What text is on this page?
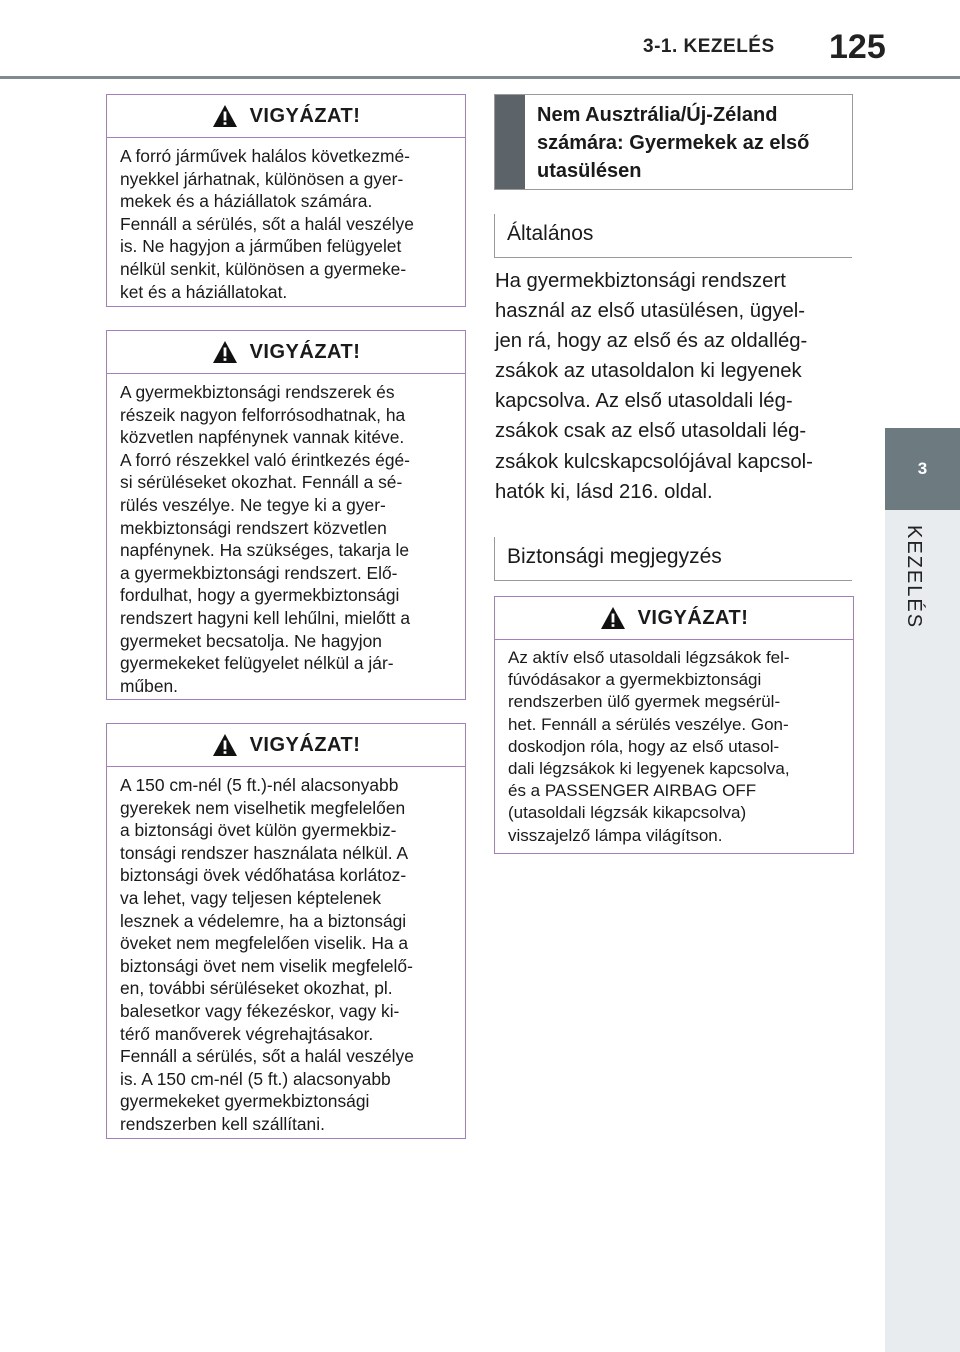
3-1. KEZELÉS 125
3
KEZELÉS
VIGYÁZAT!
A forró járművek halálos következmé-
nyekkel járhatnak, különösen a gyer-
mekek és a háziállatok számára.
Fennáll a sérülés, sőt a halál veszélye
is. Ne hagyjon a járműben felügyelet
nélkül senkit, különösen a gyermeke-
ket és a háziállatokat.
VIGYÁZAT!
A gyermekbiztonsági rendszerek és
részeik nagyon felforrósodhatnak, ha
közvetlen napfénynek vannak kitéve.
A forró részekkel való érintkezés égé-
si sérüléseket okozhat. Fennáll a sé-
rülés veszélye. Ne tegye ki a gyer-
mekbiztonsági rendszert közvetlen
napfénynek. Ha szükséges, takarja le
a gyermekbiztonsági rendszert. Elő-
fordulhat, hogy a gyermekbiztonsági
rendszert hagyni kell lehűlni, mielőtt a
gyermeket becsatolja. Ne hagyjon
gyermekeket felügyelet nélkül a jár-
műben.
VIGYÁZAT!
A 150 cm-nél (5 ft.)-nél alacsonyabb
gyerekek nem viselhetik megfelelően
a biztonsági övet külön gyermekbiz-
tonsági rendszer használata nélkül. A
biztonsági övek védőhatása korlátoz-
va lehet, vagy teljesen képtelenek
lesznek a védelemre, ha a biztonsági
öveket nem megfelelően viselik. Ha a
biztonsági övet nem viselik megfelelő-
en, további sérüléseket okozhat, pl.
balesetkor vagy fékezéskor, vagy ki-
térő manőverek végrehajtásakor.
Fennáll a sérülés, sőt a halál veszélye
is. A 150 cm-nél (5 ft.) alacsonyabb
gyermekeket gyermekbiztonsági
rendszerben kell szállítani.
Nem Ausztrália/Új-Zéland
számára: Gyermekek az első
utasülésen
Általános
Ha gyermekbiztonsági rendszert
használ az első utasülésen, ügyel-
jen rá, hogy az első és az oldallég-
zsákok az utasoldalon ki legyenek
kapcsolva. Az első utasoldali lég-
zsákok csak az első utasoldali lég-
zsákok kulcskapcsolójával kapcsol-
hatók ki, lásd 216. oldal.
Biztonsági megjegyzés
VIGYÁZAT!
Az aktív első utasoldali légzsákok fel-
fúvódásakor a gyermekbiztonsági
rendszerben ülő gyermek megsérül-
het. Fennáll a sérülés veszélye. Gon-
doskodjon róla, hogy az első utasol-
dali légzsákok ki legyenek kapcsolva,
és a PASSENGER AIRBAG OFF
(utasoldali légzsák kikapcsolva)
visszajelző lámpa világítson.
